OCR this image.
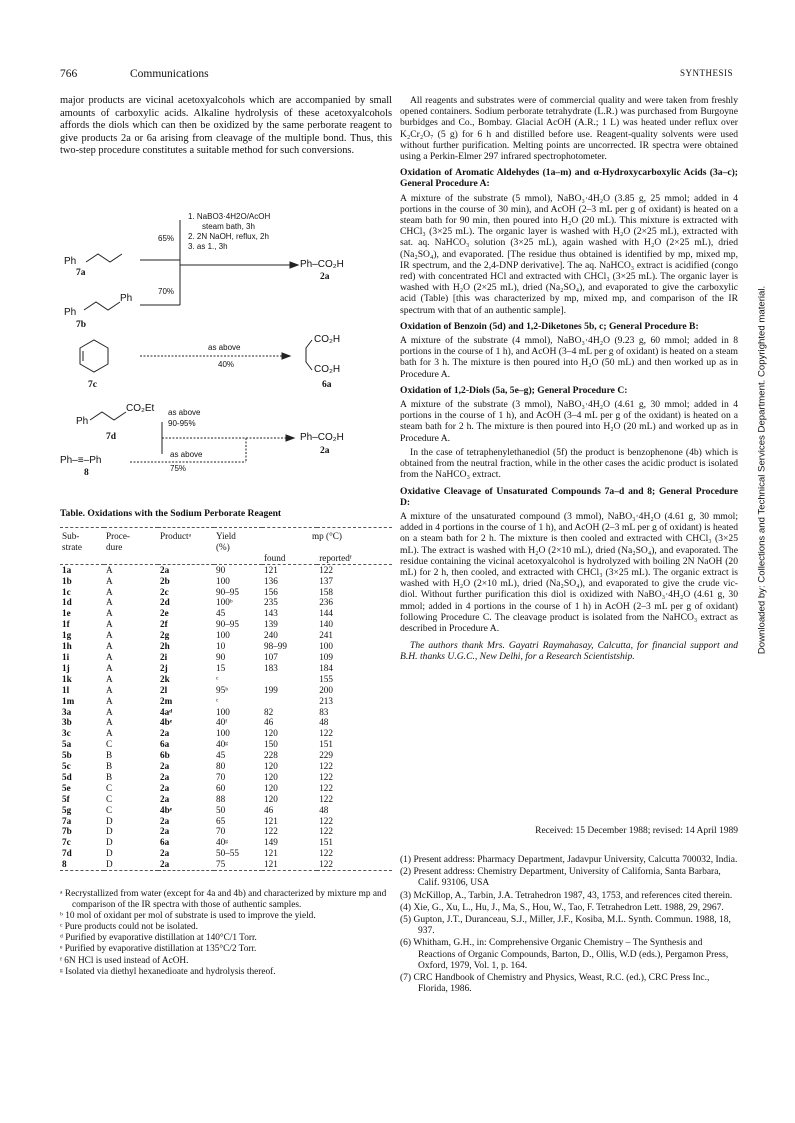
766	Communications	SYNTHESIS
major products are vicinal acetoxyalcohols which are accompanied by small amounts of carboxylic acids. Alkaline hydrolysis of these acetoxyalcohols affords the diols which can then be oxidized by the same perborate reagent to give products 2a or 6a arising from cleavage of the multiple bond. Thus, this two-step procedure constitutes a suitable method for such conversions.
1. NaBO3·4H2O/AcOH
steam bath, 3h
2. 2N NaOH, reflux, 2h
3. as 1., 3h
65%
70%
Ph
7a
Ph–CO₂H
2a
Ph
Ph
7b
as above
40%
CO₂H
CO₂H
7c	6a
CO₂Et
Ph
7d
as above
90-95%
Ph–CO₂H
2a
Ph–≡–Ph
8
as above
75%
Table. Oxidations with the Sodium Perborate Reagent
Sub-
strate	Proce-
dure	Productᵃ	Yield
(%)	mp (°C)	
				found	reportedᶠ
1a	A	2a	90	121	122
1b	A	2b	100	136	137
1c	A	2c	90–95	156	158
1d	A	2d	100ᵇ	235	236
1e	A	2e	45	143	144
1f	A	2f	90–95	139	140
1g	A	2g	100	240	241
1h	A	2h	10	98–99	100
1i	A	2i	90	107	109
1j	A	2j	15	183	184
1k	A	2k	ᶜ		155
1l	A	2l	95ᵇ	199	200
1m	A	2m	ᶜ		213
3a	A	4aᵈ	100	82	83
3b	A	4bᵉ	40ᶠ	46	48
3c	A	2a	100	120	122
5a	C	6a	40ᵍ	150	151
5b	B	6b	45	228	229
5c	B	2a	80	120	122
5d	B	2a	70	120	122
5e	C	2a	60	120	122
5f	C	2a	88	120	122
5g	C	4bᵉ	50	46	48
7a	D	2a	65	121	122
7b	D	2a	70	122	122
7c	D	6a	40ᵍ	149	151
7d	D	2a	50–55	121	122
8	D	2a	75	121	122
ᵃ Recrystallized from water (except for 4a and 4b) and characterized by mixture mp and comparison of the IR spectra with those of authentic samples.
ᵇ 10 mol of oxidant per mol of substrate is used to improve the yield.
ᶜ Pure products could not be isolated.
ᵈ Purified by evaporative distillation at 140°C/1 Torr.
ᵉ Purified by evaporative distillation at 135°C/2 Torr.
ᶠ 6N HCl is used instead of AcOH.
ᵍ Isolated via diethyl hexanedioate and hydrolysis thereof.

All reagents and substrates were of commercial quality and were taken from freshly opened containers. Sodium perborate tetrahydrate (L.R.) was purchased from Burgoyne burbidges and Co., Bombay. Glacial AcOH (A.R.; 1 L) was heated under reflux over K₂Cr₂O₇ (5 g) for 6 h and distilled before use. Reagent-quality solvents were used without further purification. Melting points are uncorrected. IR spectra were obtained using a Perkin-Elmer 297 infrared spectrophotometer.

Oxidation of Aromatic Aldehydes (1a–m) and α-Hydroxycarboxylic Acids (3a–c); General Procedure A:

A mixture of the substrate (5 mmol), NaBO₃·4H₂O (3.85 g, 25 mmol; added in 4 portions in the course of 30 min), and AcOH (2–3 mL per g of oxidant) is heated on a steam bath for 90 min, then poured into H₂O (20 mL). This mixture is extracted with CHCl₃ (3×25 mL). The organic layer is washed with H₂O (2×25 mL), extracted with sat. aq. NaHCO₃ solution (3×25 mL), again washed with H₂O (2×25 mL), dried (Na₂SO₄), and evaporated. [The residue thus obtained is identified by mp, mixed mp, IR spectrum, and the 2,4-DNP derivative]. The aq. NaHCO₃ extract is acidified (congo red) with concentrated HCl and extracted with CHCl₃ (3×25 mL). The organic layer is washed with H₂O (2×25 mL), dried (Na₂SO₄), and evaporated to give the carboxylic acid (Table) [this was characterized by mp, mixed mp, and comparison of the IR spectrum with that of an authentic sample].

Oxidation of Benzoin (5d) and 1,2-Diketones 5b, c; General Procedure B:

A mixture of the substrate (4 mmol), NaBO₃·4H₂O (9.23 g, 60 mmol; added in 8 portions in the course of 1 h), and AcOH (3–4 mL per g of oxidant) is heated on a steam bath for 3 h. The mixture is then poured into H₂O (50 mL) and then worked up as in Procedure A.

Oxidation of 1,2-Diols (5a, 5e–g); General Procedure C:

A mixture of the substrate (3 mmol), NaBO₃·4H₂O (4.61 g, 30 mmol; added in 4 portions in the course of 1 h), and AcOH (3–4 mL per g of the oxidant) is heated on a steam bath for 2 h. The mixture is then poured into H₂O (20 mL) and worked up as in Procedure A.

In the case of tetraphenylethanediol (5f) the product is benzophenone (4b) which is obtained from the neutral fraction, while in the other cases the acidic product is isolated from the NaHCO₃ extract.

Oxidative Cleavage of Unsaturated Compounds 7a–d and 8; General Procedure D:

A mixture of the unsaturated compound (3 mmol), NaBO₃·4H₂O (4.61 g, 30 mmol; added in 4 portions in the course of 1 h), and AcOH (2–3 mL per g of oxidant) is heated on a steam bath for 2 h. The mixture is then cooled and extracted with CHCl₃ (3×25 mL). The extract is washed with H₂O (2×10 mL), dried (Na₂SO₄), and evaporated. The residue containing the vicinal acetoxyalcohol is hydrolyzed with boiling 2N NaOH (20 mL) for 2 h, then cooled, and extracted with CHCl₃ (3×25 mL). The organic extract is washed with H₂O (2×10 mL), dried (Na₂SO₄), and evaporated to give the crude vic-diol. Without further purification this diol is oxidized with NaBO₃·4H₂O (4.61 g, 30 mmol; added in 4 portions in the course of 1 h) in AcOH (2–3 mL per g of oxidant) following Procedure C. The cleavage product is isolated from the NaHCO₃ extract as described in Procedure A.

The authors thank Mrs. Gayatri Raymahasay, Calcutta, for financial support and B.H. thanks U.G.C., New Delhi, for a Research Scientistship.

Received: 15 December 1988; revised: 14 April 1989
(1) Present address: Pharmacy Department, Jadavpur University, Calcutta 700032, India.
(2) Present address: Chemistry Department, University of California, Santa Barbara, Calif. 93106, USA
(3) McKillop, A., Tarbin, J.A. Tetrahedron 1987, 43, 1753, and references cited therein.
(4) Xie, G., Xu, L., Hu, J., Ma, S., Hou, W., Tao, F. Tetrahedron Lett. 1988, 29, 2967.
(5) Gupton, J.T., Duranceau, S.J., Miller, J.F., Kosiba, M.L. Synth. Commun. 1988, 18, 937.
(6) Whitham, G.H., in: Comprehensive Organic Chemistry – The Synthesis and Reactions of Organic Compounds, Barton, D., Ollis, W.D (eds.), Pergamon Press, Oxford, 1979, Vol. 1, p. 164.
(7) CRC Handbook of Chemistry and Physics, Weast, R.C. (ed.), CRC Press Inc., Florida, 1986.
Downloaded by: Collections and Technical Services Department. Copyrighted material.
